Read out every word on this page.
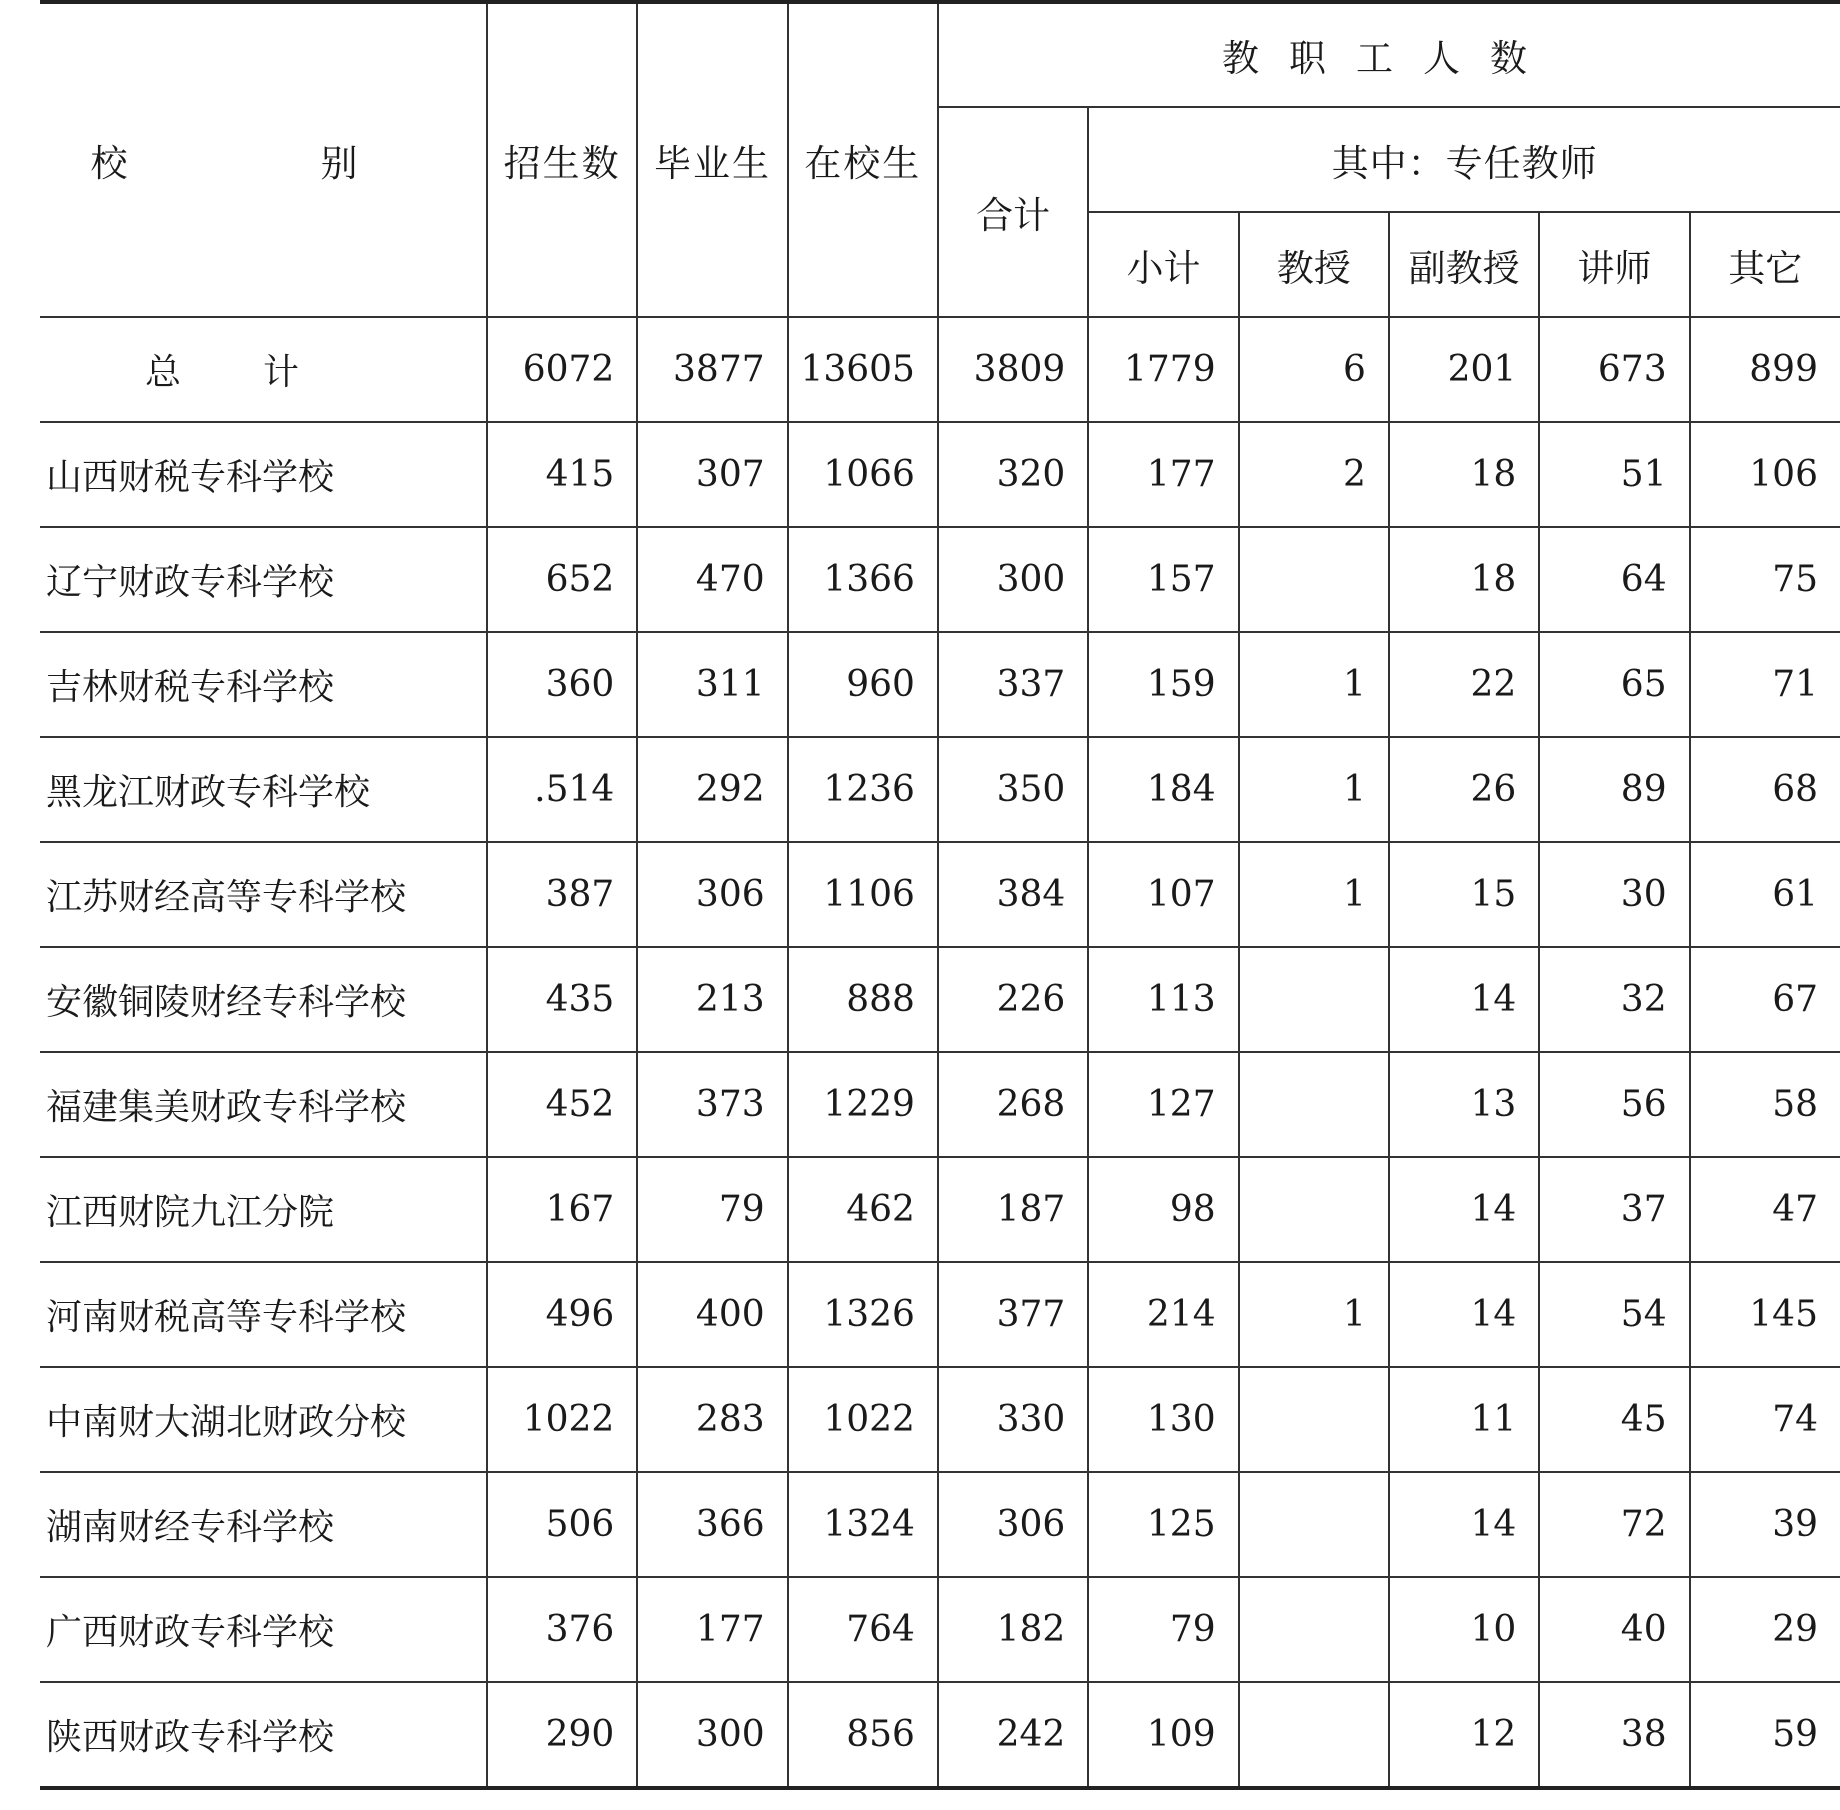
校　别	招生数	毕业生	在校生	教职工人数					
				合计	其中：专任教师				
					小计	教授	副教授	讲师	其它
总计	6072	3877	13605	3809	1779	6	201	673	899
山西财税专科学校	415	307	1066	320	177	2	18	51	106
辽宁财政专科学校	652	470	1366	300	157		18	64	75
吉林财税专科学校	360	311	960	337	159	1	22	65	71
黑龙江财政专科学校	.514	292	1236	350	184	1	26	89	68
江苏财经高等专科学校	387	306	1106	384	107	1	15	30	61
安徽铜陵财经专科学校	435	213	888	226	113		14	32	67
福建集美财政专科学校	452	373	1229	268	127		13	56	58
江西财院九江分院	167	79	462	187	98		14	37	47
河南财税高等专科学校	496	400	1326	377	214	1	14	54	145
中南财大湖北财政分校	1022	283	1022	330	130		11	45	74
湖南财经专科学校	506	366	1324	306	125		14	72	39
广西财政专科学校	376	177	764	182	79		10	40	29
陕西财政专科学校	290	300	856	242	109		12	38	59
